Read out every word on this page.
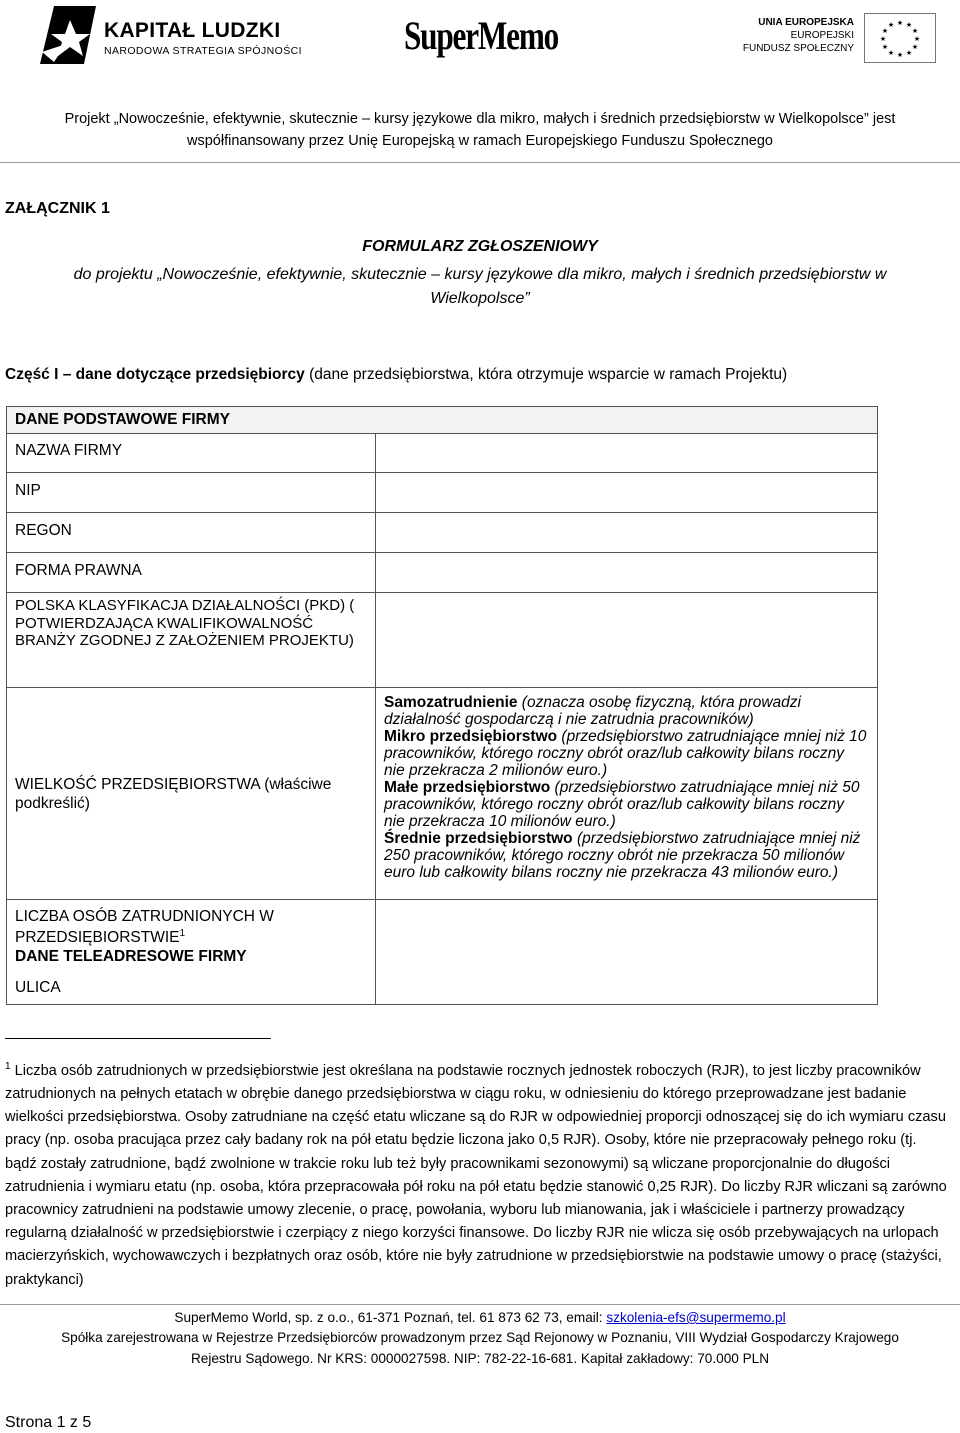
KAPITAŁ LUDZKI
NARODOWA STRATEGIA SPÓJNOŚCI	SuperMemo	UNIA EUROPEJSKA
EUROPEJSKI
FUNDUSZ SPOŁECZNY
★ ★
★
★
★
★
★
★
★
★
★
★
Projekt „Nowocześnie, efektywnie, skutecznie – kursy językowe dla mikro, małych i średnich przedsiębiorstw w Wielkopolsce” jest
współfinansowany przez Unię Europejską w ramach Europejskiego Funduszu Społecznego
ZAŁĄCZNIK 1
FORMULARZ ZGŁOSZENIOWY
do projektu „Nowocześnie, efektywnie, skutecznie – kursy językowe dla mikro, małych i średnich przedsiębiorstw w Wielkopolsce”
Część I – dane dotyczące przedsiębiorcy (dane przedsiębiorstwa, która otrzymuje wsparcie w ramach Projektu)
DANE PODSTAWOWE FIRMY	
NAZWA FIRMY	
NIP	
REGON	
FORMA PRAWNA	
POLSKA KLASYFIKACJA DZIAŁALNOŚCI (PKD) ( POTWIERDZAJĄCA KWALIFIKOWALNOŚĆ BRANŻY ZGODNEJ Z ZAŁOŻENIEM PROJEKTU)	
WIELKOŚĆ PRZEDSIĘBIORSTWA (właściwe podkreślić)	Samozatrudnienie (oznacza osobę fizyczną, która prowadzi działalność gospodarczą i nie zatrudnia pracowników)
Mikro przedsiębiorstwo (przedsiębiorstwo zatrudniające mniej niż 10 pracowników, którego roczny obrót oraz/lub całkowity bilans roczny nie przekracza 2 milionów euro.)
Małe przedsiębiorstwo (przedsiębiorstwo zatrudniające mniej niż 50 pracowników, którego roczny obrót oraz/lub całkowity bilans roczny nie przekracza 10 milionów euro.)
Średnie przedsiębiorstwo (przedsiębiorstwo zatrudniające mniej niż 250 pracowników, którego roczny obrót nie przekracza 50 milionów euro lub całkowity bilans roczny nie przekracza 43 milionów euro.)

LICZBA OSÓB ZATRUDNIONYCH W PRZEDSIĘBIORSTWIE$^1$
DANE TELEADRESOWE FIRMY
ULICA	

$^1$ Liczba osób zatrudnionych w przedsiębiorstwie jest określana na podstawie rocznych jednostek roboczych (RJR), to jest liczby pracowników zatrudnionych na pełnych etatach w obrębie danego przedsiębiorstwa w ciągu roku, w odniesieniu do którego przeprowadzane jest badanie wielkości przedsiębiorstwa. Osoby zatrudniane na część etatu wliczane są do RJR w odpowiedniej proporcji odnoszącej się do ich wymiaru czasu pracy (np. osoba pracująca przez cały badany rok na pół etatu będzie liczona jako 0,5 RJR). Osoby, które nie przepracowały pełnego roku (tj. bądź zostały zatrudnione, bądź zwolnione w trakcie roku lub też były pracownikami sezonowymi) są wliczane proporcjonalnie do długości zatrudnienia i wymiaru etatu (np. osoba, która przepracowała pół roku na pół etatu będzie stanowić 0,25 RJR). Do liczby RJR wliczani są zarówno pracownicy zatrudnieni na podstawie umowy zlecenie, o pracę, powołania, wyboru lub mianowania, jak i właściciele i partnerzy prowadzący regularną działalność w przedsiębiorstwie i czerpiący z niego korzyści finansowe. Do liczby RJR nie wlicza się osób przebywających na urlopach macierzyńskich, wychowawczych i bezpłatnych oraz osób, które nie były zatrudnione w przedsiębiorstwie na podstawie umowy o pracę (stażyści, praktykanci)
SuperMemo World, sp. z o.o., 61-371 Poznań, tel. 61 873 62 73, email: szkolenia-efs@supermemo.pl
Spółka zarejestrowana w Rejestrze Przedsiębiorców prowadzonym przez Sąd Rejonowy w Poznaniu, VIII Wydział Gospodarczy Krajowego
Rejestru Sądowego. Nr KRS: 0000027598. NIP: 782-22-16-681. Kapitał zakładowy: 70.000 PLN
Strona 1 z 5
